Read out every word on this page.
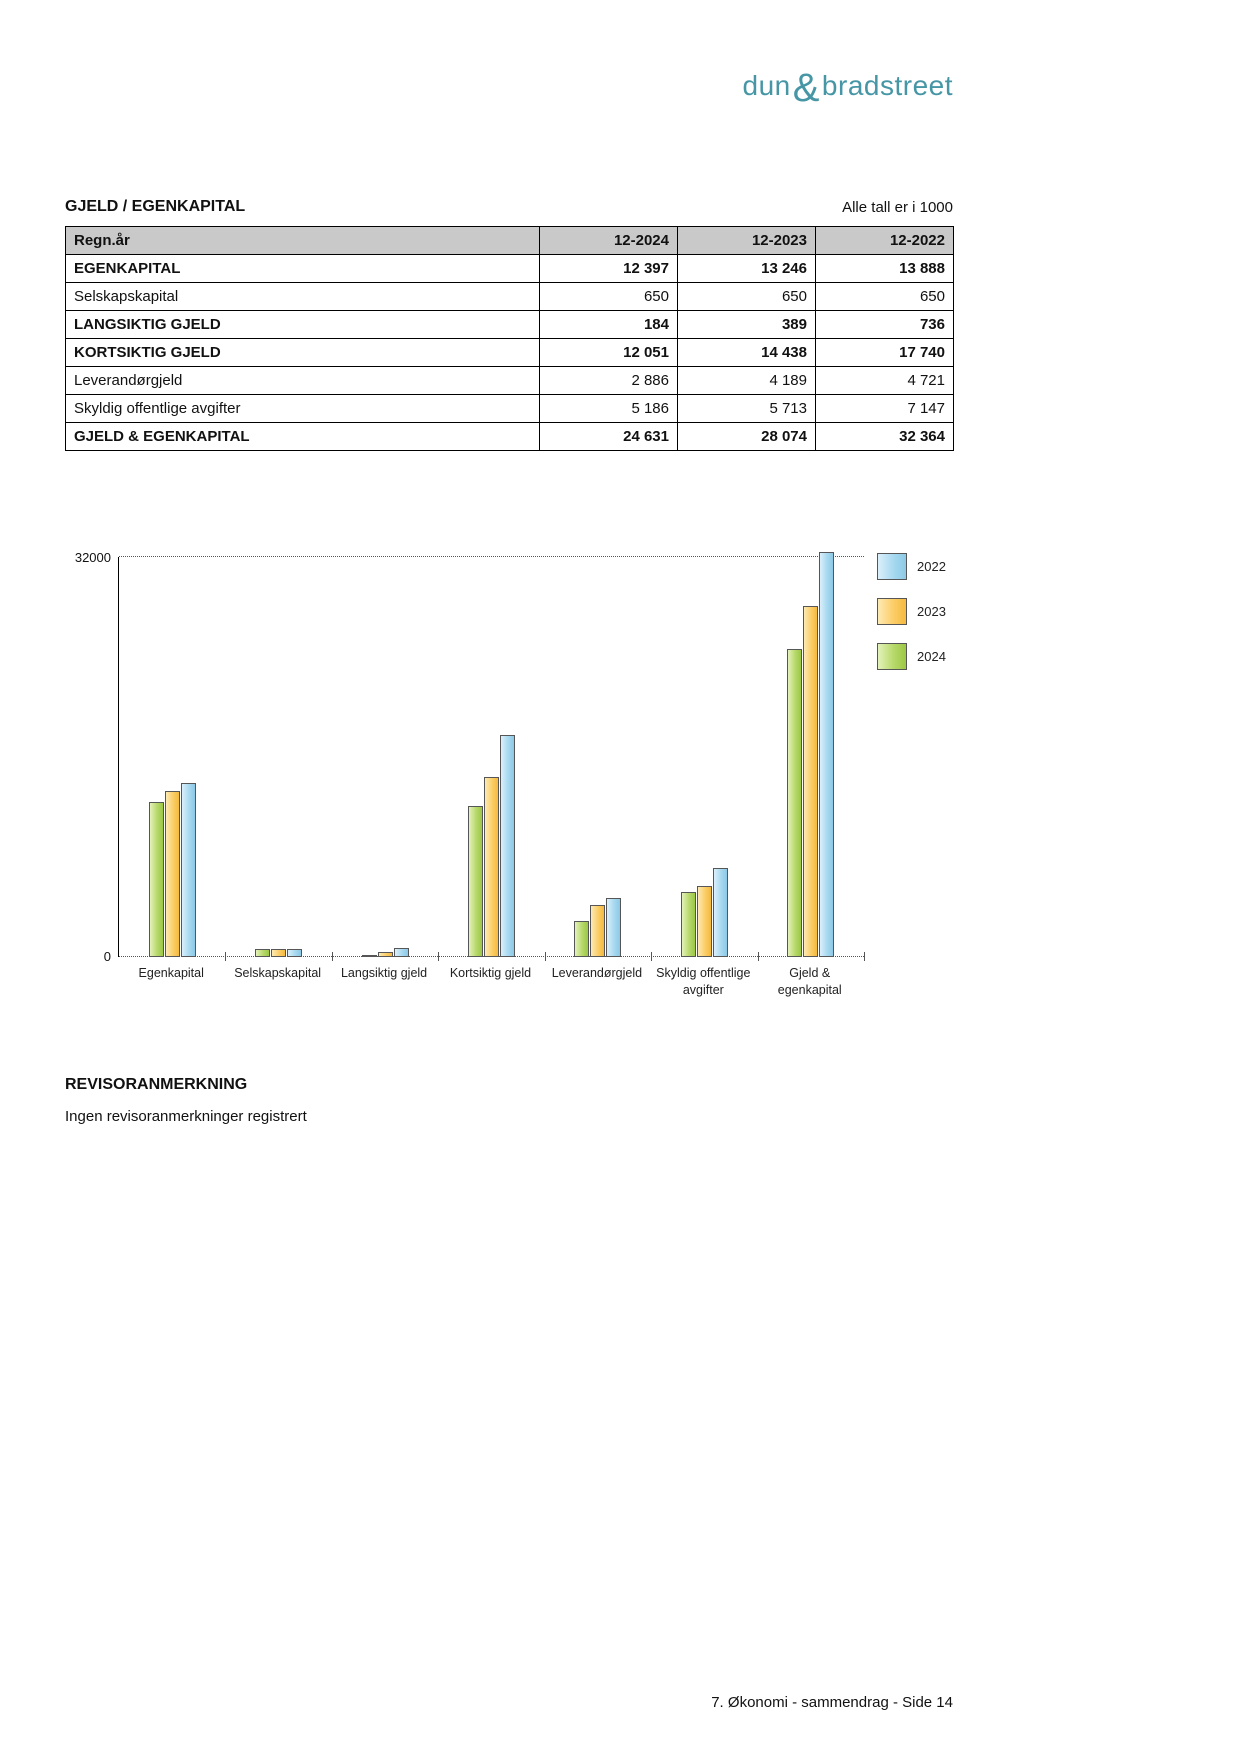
dun&bradstreet
GJELD / EGENKAPITAL	Alle tall er i 1000
Regn.år	12-2024	12-2023	12-2022
EGENKAPITAL	12 397	13 246	13 888
Selskapskapital	650	650	650
LANGSIKTIG GJELD	184	389	736
KORTSIKTIG GJELD	12 051	14 438	17 740
Leverandørgjeld	2 886	4 189	4 721
Skyldig offentlige avgifter	5 186	5 713	7 147
GJELD & EGENKAPITAL	24 631	28 074	32 364
32000
0
Egenkapital	Selskapskapital	Langsiktig gjeld	Kortsiktig gjeld	Leverandørgjeld	Skyldig offentlige avgifter
Gjeld & egenkapital
2022
2023
2024
REVISORANMERKNING
Ingen revisoranmerkninger registrert
7. Økonomi - sammendrag - Side 14
